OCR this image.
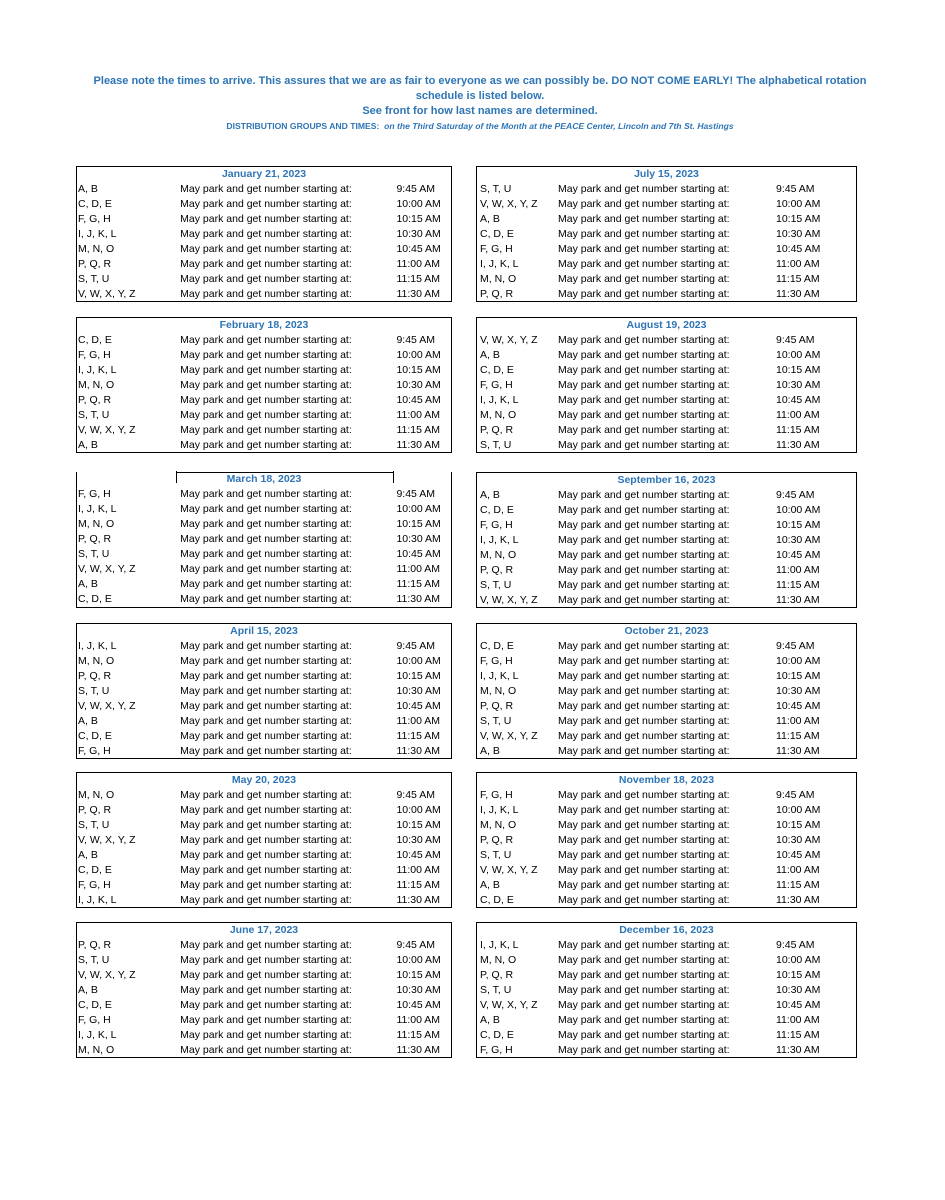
Please note the times to arrive. This assures that we are as fair to everyone as we can possibly be. DO NOT COME EARLY! The alphabetical rotation
schedule is listed below.
See front for how last names are determined.
DISTRIBUTION GROUPS AND TIMES: on the Third Saturday of the Month at the PEACE Center, Lincoln and 7th St. Hastings
January 21, 2023
A, B	May park and get number starting at:	9:45 AM
C, D, E	May park and get number starting at:	10:00 AM
F, G, H	May park and get number starting at:	10:15 AM
I, J, K, L	May park and get number starting at:	10:30 AM
M, N, O	May park and get number starting at:	10:45 AM
P, Q, R	May park and get number starting at:	11:00 AM
S, T, U	May park and get number starting at:	11:15 AM
V, W, X, Y, Z	May park and get number starting at:	11:30 AM
July 15, 2023
S, T, U	May park and get number starting at:	9:45 AM
V, W, X, Y, Z	May park and get number starting at:	10:00 AM
A, B	May park and get number starting at:	10:15 AM
C, D, E	May park and get number starting at:	10:30 AM
F, G, H	May park and get number starting at:	10:45 AM
I, J, K, L	May park and get number starting at:	11:00 AM
M, N, O	May park and get number starting at:	11:15 AM
P, Q, R	May park and get number starting at:	11:30 AM
February 18, 2023
C, D, E	May park and get number starting at:	9:45 AM
F, G, H	May park and get number starting at:	10:00 AM
I, J, K, L	May park and get number starting at:	10:15 AM
M, N, O	May park and get number starting at:	10:30 AM
P, Q, R	May park and get number starting at:	10:45 AM
S, T, U	May park and get number starting at:	11:00 AM
V, W, X, Y, Z	May park and get number starting at:	11:15 AM
A, B	May park and get number starting at:	11:30 AM
August 19, 2023
V, W, X, Y, Z	May park and get number starting at:	9:45 AM
A, B	May park and get number starting at:	10:00 AM
C, D, E	May park and get number starting at:	10:15 AM
F, G, H	May park and get number starting at:	10:30 AM
I, J, K, L	May park and get number starting at:	10:45 AM
M, N, O	May park and get number starting at:	11:00 AM
P, Q, R	May park and get number starting at:	11:15 AM
S, T, U	May park and get number starting at:	11:30 AM
March 18, 2023
F, G, H	May park and get number starting at:	9:45 AM
I, J, K, L	May park and get number starting at:	10:00 AM
M, N, O	May park and get number starting at:	10:15 AM
P, Q, R	May park and get number starting at:	10:30 AM
S, T, U	May park and get number starting at:	10:45 AM
V, W, X, Y, Z	May park and get number starting at:	11:00 AM
A, B	May park and get number starting at:	11:15 AM
C, D, E	May park and get number starting at:	11:30 AM
September 16, 2023
A, B	May park and get number starting at:	9:45 AM
C, D, E	May park and get number starting at:	10:00 AM
F, G, H	May park and get number starting at:	10:15 AM
I, J, K, L	May park and get number starting at:	10:30 AM
M, N, O	May park and get number starting at:	10:45 AM
P, Q, R	May park and get number starting at:	11:00 AM
S, T, U	May park and get number starting at:	11:15 AM
V, W, X, Y, Z	May park and get number starting at:	11:30 AM
April 15, 2023
I, J, K, L	May park and get number starting at:	9:45 AM
M, N, O	May park and get number starting at:	10:00 AM
P, Q, R	May park and get number starting at:	10:15 AM
S, T, U	May park and get number starting at:	10:30 AM
V, W, X, Y, Z	May park and get number starting at:	10:45 AM
A, B	May park and get number starting at:	11:00 AM
C, D, E	May park and get number starting at:	11:15 AM
F, G, H	May park and get number starting at:	11:30 AM
October 21, 2023
C, D, E	May park and get number starting at:	9:45 AM
F, G, H	May park and get number starting at:	10:00 AM
I, J, K, L	May park and get number starting at:	10:15 AM
M, N, O	May park and get number starting at:	10:30 AM
P, Q, R	May park and get number starting at:	10:45 AM
S, T, U	May park and get number starting at:	11:00 AM
V, W, X, Y, Z	May park and get number starting at:	11:15 AM
A, B	May park and get number starting at:	11:30 AM
May 20, 2023
M, N, O	May park and get number starting at:	9:45 AM
P, Q, R	May park and get number starting at:	10:00 AM
S, T, U	May park and get number starting at:	10:15 AM
V, W, X, Y, Z	May park and get number starting at:	10:30 AM
A, B	May park and get number starting at:	10:45 AM
C, D, E	May park and get number starting at:	11:00 AM
F, G, H	May park and get number starting at:	11:15 AM
I, J, K, L	May park and get number starting at:	11:30 AM
November 18, 2023
F, G, H	May park and get number starting at:	9:45 AM
I, J, K, L	May park and get number starting at:	10:00 AM
M, N, O	May park and get number starting at:	10:15 AM
P, Q, R	May park and get number starting at:	10:30 AM
S, T, U	May park and get number starting at:	10:45 AM
V, W, X, Y, Z	May park and get number starting at:	11:00 AM
A, B	May park and get number starting at:	11:15 AM
C, D, E	May park and get number starting at:	11:30 AM
June 17, 2023
P, Q, R	May park and get number starting at:	9:45 AM
S, T, U	May park and get number starting at:	10:00 AM
V, W, X, Y, Z	May park and get number starting at:	10:15 AM
A, B	May park and get number starting at:	10:30 AM
C, D, E	May park and get number starting at:	10:45 AM
F, G, H	May park and get number starting at:	11:00 AM
I, J, K, L	May park and get number starting at:	11:15 AM
M, N, O	May park and get number starting at:	11:30 AM
December 16, 2023
I, J, K, L	May park and get number starting at:	9:45 AM
M, N, O	May park and get number starting at:	10:00 AM
P, Q, R	May park and get number starting at:	10:15 AM
S, T, U	May park and get number starting at:	10:30 AM
V, W, X, Y, Z	May park and get number starting at:	10:45 AM
A, B	May park and get number starting at:	11:00 AM
C, D, E	May park and get number starting at:	11:15 AM
F, G, H	May park and get number starting at:	11:30 AM
